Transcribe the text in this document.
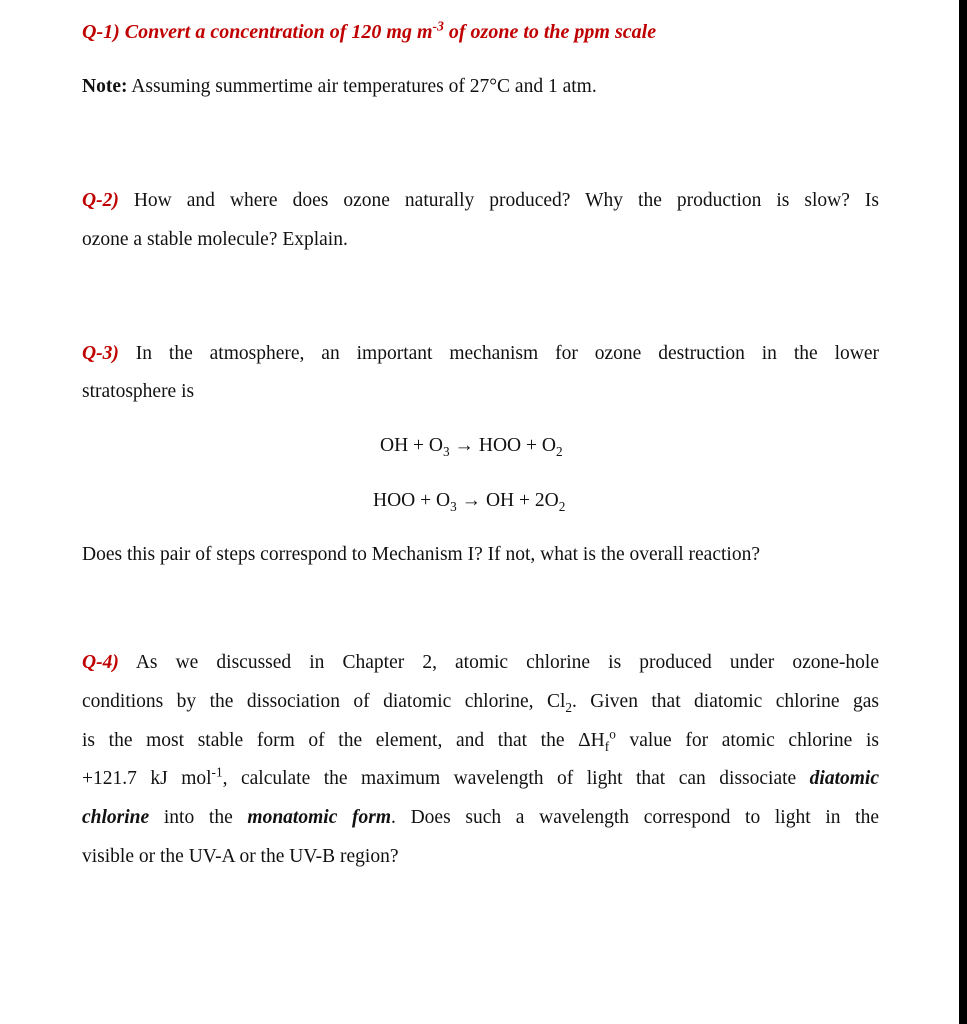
Q-1) Convert a concentration of 120 mg $m^{-3}$ of ozone to the ppm scale
Note: Assuming summertime air temperatures of 27°C and 1 atm.
Q-2) How and where does ozone naturally produced? Why the production is slow? Is
ozone a stable molecule? Explain.
Q-3) In the atmosphere, an important mechanism for ozone destruction in the lower
stratosphere is
OH + $O_3$ → HOO + $O_2$
HOO + $O_3$ → OH + $2O_2$
Does this pair of steps correspond to Mechanism I? If not, what is the overall reaction?
Q-4) As we discussed in Chapter 2, atomic chlorine is produced under ozone-hole
conditions by the dissociation of diatomic chlorine, $Cl_2$. Given that diatomic chlorine gas
is the most stable form of the element, and that the $\Delta H_f^o$ value for atomic chlorine is
+121.7 kJ mol$^{-1}$, calculate the maximum wavelength of light that can dissociate diatomic
chlorine into the monatomic form. Does such a wavelength correspond to light in the
visible or the UV-A or the UV-B region?
